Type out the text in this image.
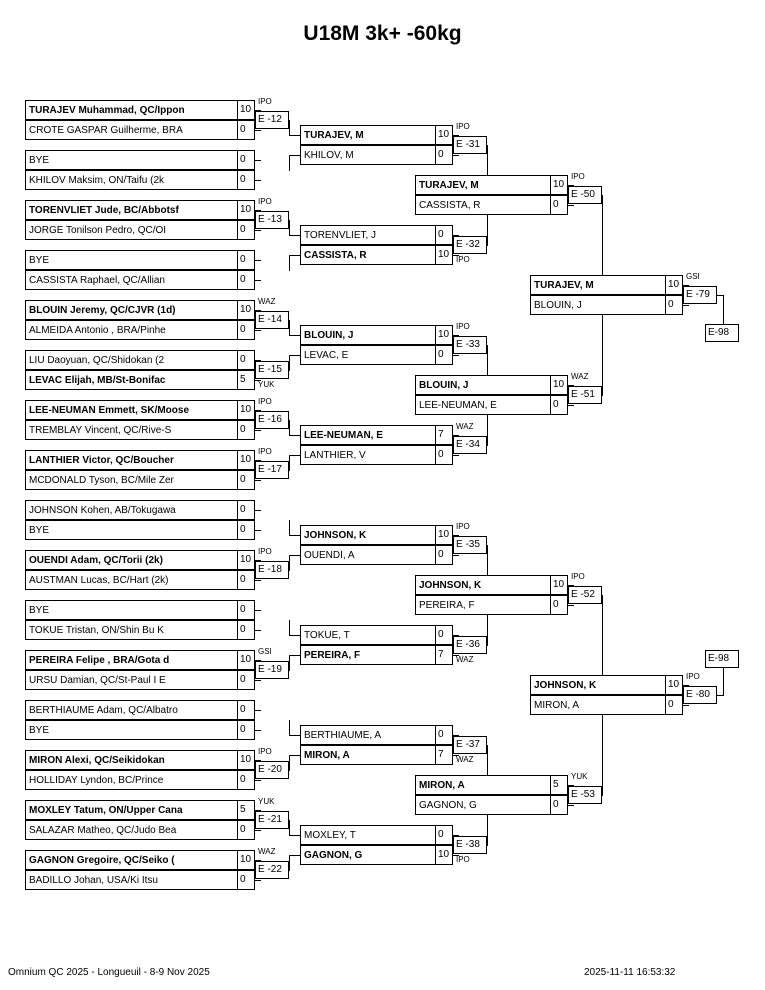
U18M 3k+ -60kg
TURAJEV Muhammad, QC/Ippon	10
CROTE GASPAR Guilherme, BRA	0
E -12
IPO
BYE	0
KHILOV Maksim, ON/Taifu (2k	0
TORENVLIET Jude, BC/Abbotsf	10
JORGE Tonilson Pedro, QC/OI	0
E -13
IPO
BYE	0
CASSISTA Raphael, QC/Allian	0
BLOUIN Jeremy, QC/CJVR (1d)	10
ALMEIDA Antonio , BRA/Pinhe	0
E -14
WAZ
LIU Daoyuan, QC/Shidokan (2	0
LEVAC Elijah, MB/St-Bonifac	5
E -15
YUK
LEE-NEUMAN Emmett, SK/Moose	10
TREMBLAY Vincent, QC/Rive-S	0
E -16
IPO
LANTHIER Victor, QC/Boucher	10
MCDONALD Tyson, BC/Mile Zer	0
E -17
IPO
JOHNSON Kohen, AB/Tokugawa	0
BYE	0
OUENDI Adam, QC/Torii (2k)	10
AUSTMAN Lucas, BC/Hart (2k)	0
E -18
IPO
BYE	0
TOKUE Tristan, ON/Shin Bu K	0
PEREIRA Felipe , BRA/Gota d	10
URSU Damian, QC/St-Paul I E	0
E -19
GSI
BERTHIAUME Adam, QC/Albatro	0
BYE	0
MIRON Alexi, QC/Seikidokan	10
HOLLIDAY Lyndon, BC/Prince	0
E -20
IPO
MOXLEY Tatum, ON/Upper Cana	5
SALAZAR Matheo, QC/Judo Bea	0
E -21
YUK
GAGNON Gregoire, QC/Seiko (	10
BADILLO Johan, USA/Ki Itsu	0
E -22
WAZ
TURAJEV, M	10
KHILOV, M	0
E -31
IPO
TORENVLIET, J	0
CASSISTA, R	10
E -32
IPO
BLOUIN, J	10
LEVAC, E	0
E -33
IPO
LEE-NEUMAN, E	7
LANTHIER, V	0
E -34
WAZ
JOHNSON, K	10
OUENDI, A	0
E -35
IPO
TOKUE, T	0
PEREIRA, F	7
E -36
WAZ
BERTHIAUME, A	0
MIRON, A	7
E -37
WAZ
MOXLEY, T	0
GAGNON, G	10
E -38
IPO
TURAJEV, M	10
CASSISTA, R	0
E -50
IPO
BLOUIN, J	10
LEE-NEUMAN, E	0
E -51
WAZ
JOHNSON, K	10
PEREIRA, F	0
E -52
IPO
MIRON, A	5
GAGNON, G	0
E -53
YUK
TURAJEV, M	10
BLOUIN, J	0
E -79
GSI
JOHNSON, K	10
MIRON, A	0
E -80
IPO
E-98
E-98
Omnium QC 2025 - Longueuil - 8-9 Nov 2025	2025-11-11 16:53:32
